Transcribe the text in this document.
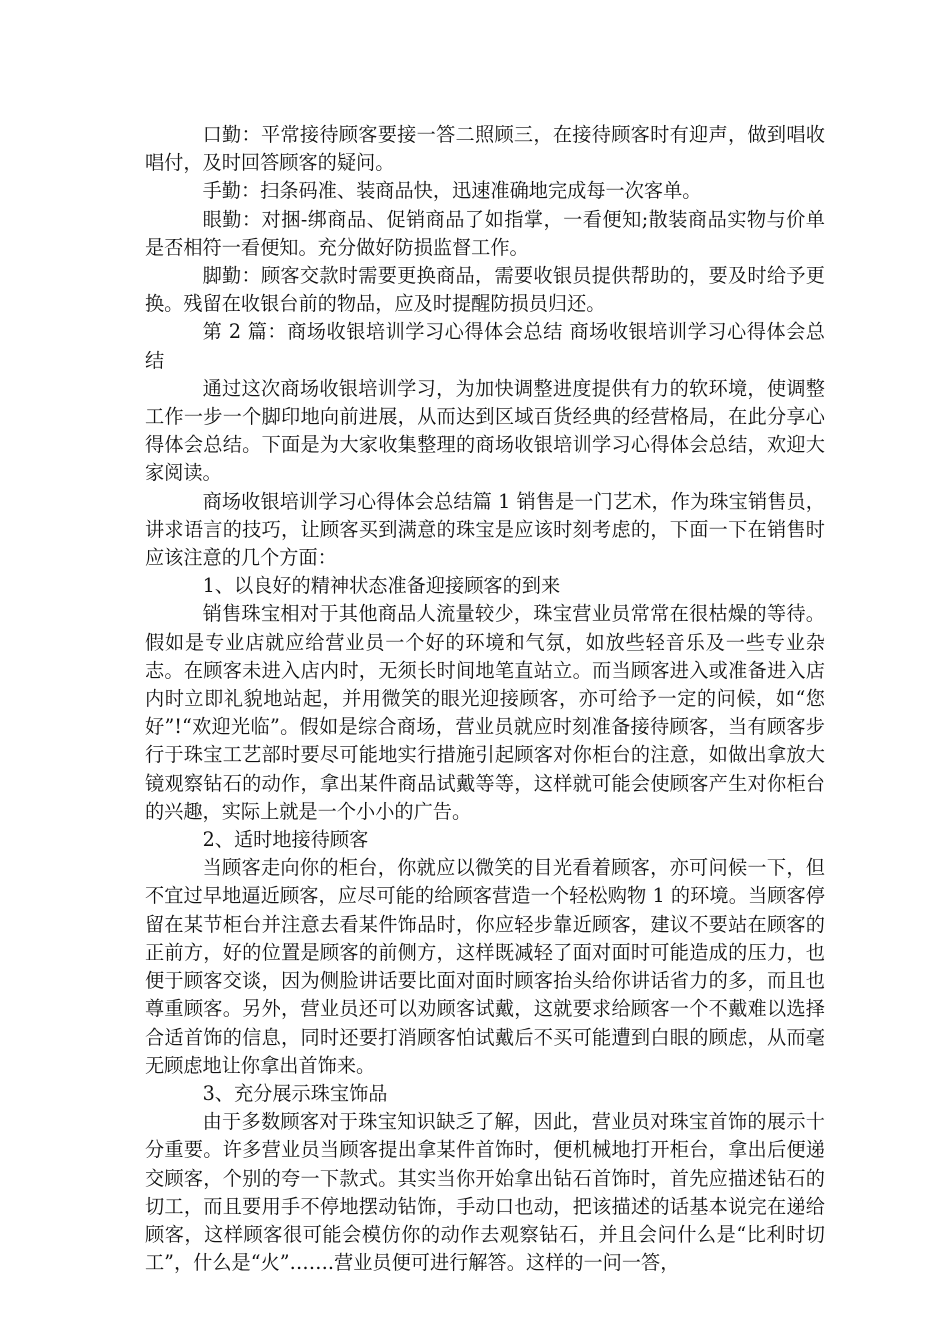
口勤：平常接待顾客要接一答二照顾三，在接待顾客时有迎声，做到唱收唱付，及时回答顾客的疑问。

手勤：扫条码准、装商品快，迅速准确地完成每一次客单。

眼勤：对捆-绑商品、促销商品了如指掌，一看便知;散装商品实物与价单是否相符一看便知。充分做好防损监督工作。

脚勤：顾客交款时需要更换商品，需要收银员提供帮助的，要及时给予更换。残留在收银台前的物品，应及时提醒防损员归还。

第 2 篇：商场收银培训学习心得体会总结 商场收银培训学习心得体会总结

通过这次商场收银培训学习，为加快调整进度提供有力的软环境，使调整工作一步一个脚印地向前进展，从而达到区域百货经典的经营格局，在此分享心得体会总结。下面是为大家收集整理的商场收银培训学习心得体会总结，欢迎大家阅读。

商场收银培训学习心得体会总结篇 1 销售是一门艺术，作为珠宝销售员，讲求语言的技巧，让顾客买到满意的珠宝是应该时刻考虑的，下面一下在销售时应该注意的几个方面：

1、以良好的精神状态准备迎接顾客的到来

销售珠宝相对于其他商品人流量较少，珠宝营业员常常在很枯燥的等待。假如是专业店就应给营业员一个好的环境和气氛，如放些轻音乐及一些专业杂志。在顾客未进入店内时，无须长时间地笔直站立。而当顾客进入或准备进入店内时立即礼貌地站起，并用微笑的眼光迎接顾客，亦可给予一定的问候，如“您好”!“欢迎光临”。假如是综合商场，营业员就应时刻准备接待顾客，当有顾客步行于珠宝工艺部时要尽可能地实行措施引起顾客对你柜台的注意，如做出拿放大镜观察钻石的动作，拿出某件商品试戴等等，这样就可能会使顾客产生对你柜台的兴趣，实际上就是一个小小的广告。

2、适时地接待顾客

当顾客走向你的柜台，你就应以微笑的目光看着顾客，亦可问候一下，但不宜过早地逼近顾客，应尽可能的给顾客营造一个轻松购物 1 的环境。当顾客停留在某节柜台并注意去看某件饰品时，你应轻步靠近顾客，建议不要站在顾客的正前方，好的位置是顾客的前侧方，这样既减轻了面对面时可能造成的压力，也便于顾客交谈，因为侧脸讲话要比面对面时顾客抬头给你讲话省力的多，而且也尊重顾客。另外，营业员还可以劝顾客试戴，这就要求给顾客一个不戴难以选择合适首饰的信息，同时还要打消顾客怕试戴后不买可能遭到白眼的顾虑，从而毫无顾虑地让你拿出首饰来。

3、充分展示珠宝饰品

由于多数顾客对于珠宝知识缺乏了解，因此，营业员对珠宝首饰的展示十分重要。许多营业员当顾客提出拿某件首饰时，便机械地打开柜台，拿出后便递交顾客，个别的夸一下款式。其实当你开始拿出钻石首饰时，首先应描述钻石的切工，而且要用手不停地摆动钻饰，手动口也动，把该描述的话基本说完在递给顾客，这样顾客很可能会模仿你的动作去观察钻石，并且会问什么是“比利时切工”，什么是“火”…….营业员便可进行解答。这样的一问一答，
